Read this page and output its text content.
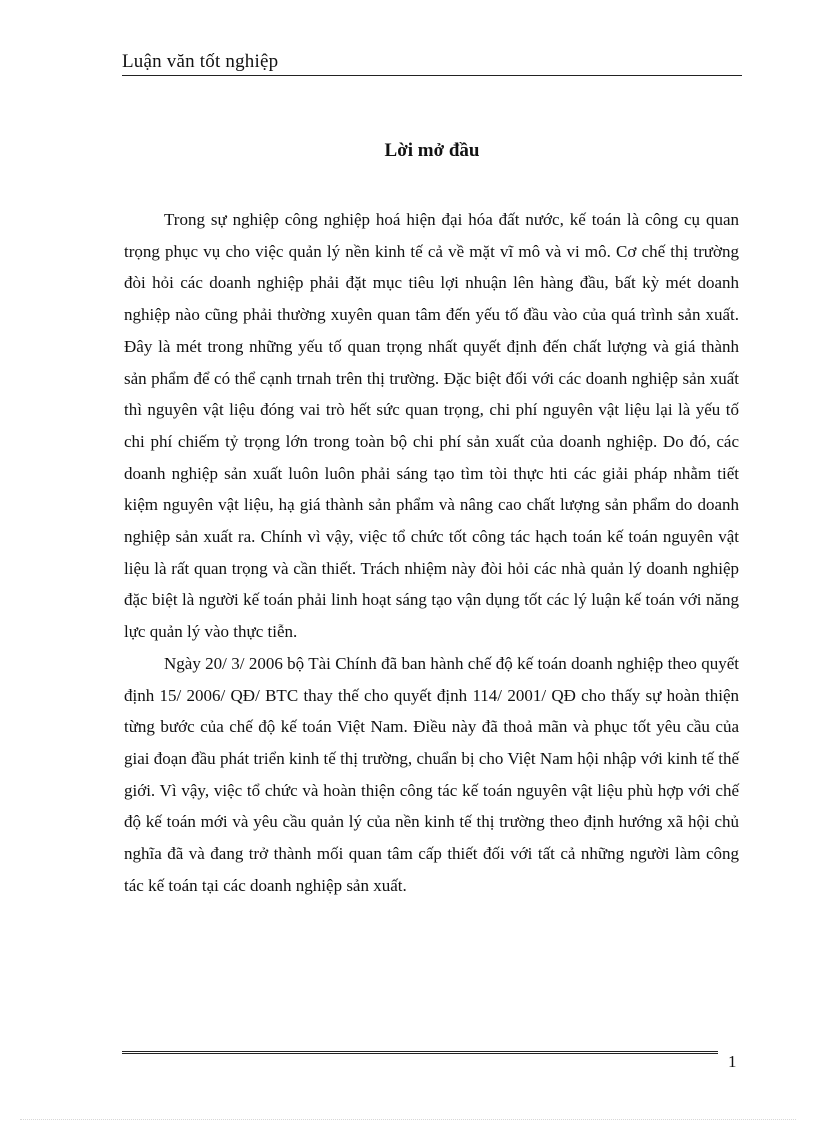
Luận văn tốt nghiệp
Lời mở đầu

Trong sự nghiệp công nghiệp hoá hiện đại hóa đất nước, kế toán là công cụ quan trọng phục vụ cho việc quản lý nền kinh tế cả về mặt vĩ mô và vi mô. Cơ chế thị trường đòi hỏi các doanh nghiệp phải đặt mục tiêu lợi nhuận lên hàng đầu, bất kỳ mét doanh nghiệp nào cũng phải thường xuyên quan tâm đến yếu tố đầu vào của quá trình sản xuất. Đây là mét trong những yếu tố quan trọng nhất quyết định đến chất lượng và giá thành sản phẩm để có thể cạnh trnah trên thị trường. Đặc biệt đối với các doanh nghiệp sản xuất thì nguyên vật liệu đóng vai trò hết sức quan trọng, chi phí nguyên vật liệu lại là yếu tố chi phí chiếm tỷ trọng lớn trong toàn bộ chi phí sản xuất của doanh nghiệp. Do đó, các doanh nghiệp sản xuất luôn luôn phải sáng tạo tìm tòi thực hti các giải pháp nhằm tiết kiệm nguyên vật liệu, hạ giá thành sản phẩm và nâng cao chất lượng sản phẩm do doanh nghiệp sản xuất ra. Chính vì vậy, việc tổ chức tốt công tác hạch toán kế toán nguyên vật liệu là rất quan trọng và cần thiết. Trách nhiệm này đòi hỏi các nhà quản lý doanh nghiệp đặc biệt là người kế toán phải linh hoạt sáng tạo vận dụng tốt các lý luận kế toán với năng lực quản lý vào thực tiễn.

Ngày 20/ 3/ 2006 bộ Tài Chính đã ban hành chế độ kế toán doanh nghiệp theo quyết định 15/ 2006/ QĐ/ BTC thay thế cho quyết định 114/ 2001/ QĐ cho thấy sự hoàn thiện từng bước của chế độ kế toán Việt Nam. Điều này đã thoả mãn và phục tốt yêu cầu của giai đoạn đầu phát triển kinh tế thị trường, chuẩn bị cho Việt Nam hội nhập với kinh tế thế giới. Vì vậy, việc tổ chức và hoàn thiện công tác kế toán nguyên vật liệu phù hợp với chế độ kế toán mới và yêu cầu quản lý của nền kinh tế thị trường theo định hướng xã hội chủ nghĩa đã và đang trở thành mối quan tâm cấp thiết đối với tất cả những người làm công tác kế toán tại các doanh nghiệp sản xuất.

1
